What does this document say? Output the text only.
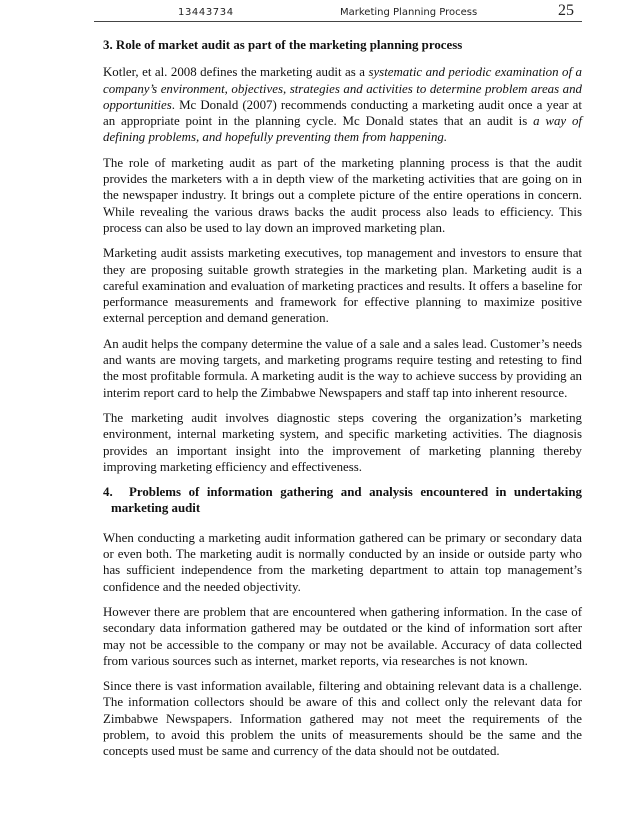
13443734	Marketing Planning Process	25
3. Role of market audit as part of the marketing planning process

Kotler, et al. 2008 defines the marketing audit as a systematic and periodic examination of a company’s environment, objectives, strategies and activities to determine problem areas and opportunities. Mc Donald (2007) recommends conducting a marketing audit once a year at an appropriate point in the planning cycle. Mc Donald states that an audit is a way of defining problems, and hopefully preventing them from happening.

The role of marketing audit as part of the marketing planning process is that the audit provides the marketers with a in depth view of the marketing activities that are going on in the newspaper industry. It brings out a complete picture of the entire operations in concern. While revealing the various draws backs the audit process also leads to efficiency. This process can also be used to lay down an improved marketing plan.

Marketing audit assists marketing executives, top management and investors to ensure that they are proposing suitable growth strategies in the marketing plan. Marketing audit is a careful examination and evaluation of marketing practices and results. It offers a baseline for performance measurements and framework for effective planning to maximize positive external perception and demand generation.

An audit helps the company determine the value of a sale and a sales lead. Customer’s needs and wants are moving targets, and marketing programs require testing and retesting to find the most profitable formula. A marketing audit is the way to achieve success by providing an interim report card to help the Zimbabwe Newspapers and staff tap into inherent resource.

The marketing audit involves diagnostic steps covering the organization’s marketing environment, internal marketing system, and specific marketing activities. The diagnosis provides an important insight into the improvement of marketing planning thereby improving marketing efficiency and effectiveness.

4. Problems of information gathering and analysis encountered in undertaking
marketing audit

When conducting a marketing audit information gathered can be primary or secondary data or even both. The marketing audit is normally conducted by an inside or outside party who has sufficient independence from the marketing department to attain top management’s confidence and the needed objectivity.

However there are problem that are encountered when gathering information. In the case of secondary data information gathered may be outdated or the kind of information sort after may not be accessible to the company or may not be available. Accuracy of data collected from various sources such as internet, market reports, via researches is not known.

Since there is vast information available, filtering and obtaining relevant data is a challenge. The information collectors should be aware of this and collect only the relevant data for Zimbabwe Newspapers. Information gathered may not meet the requirements of the problem, to avoid this problem the units of measurements should be the same and the concepts used must be same and currency of the data should not be outdated.
